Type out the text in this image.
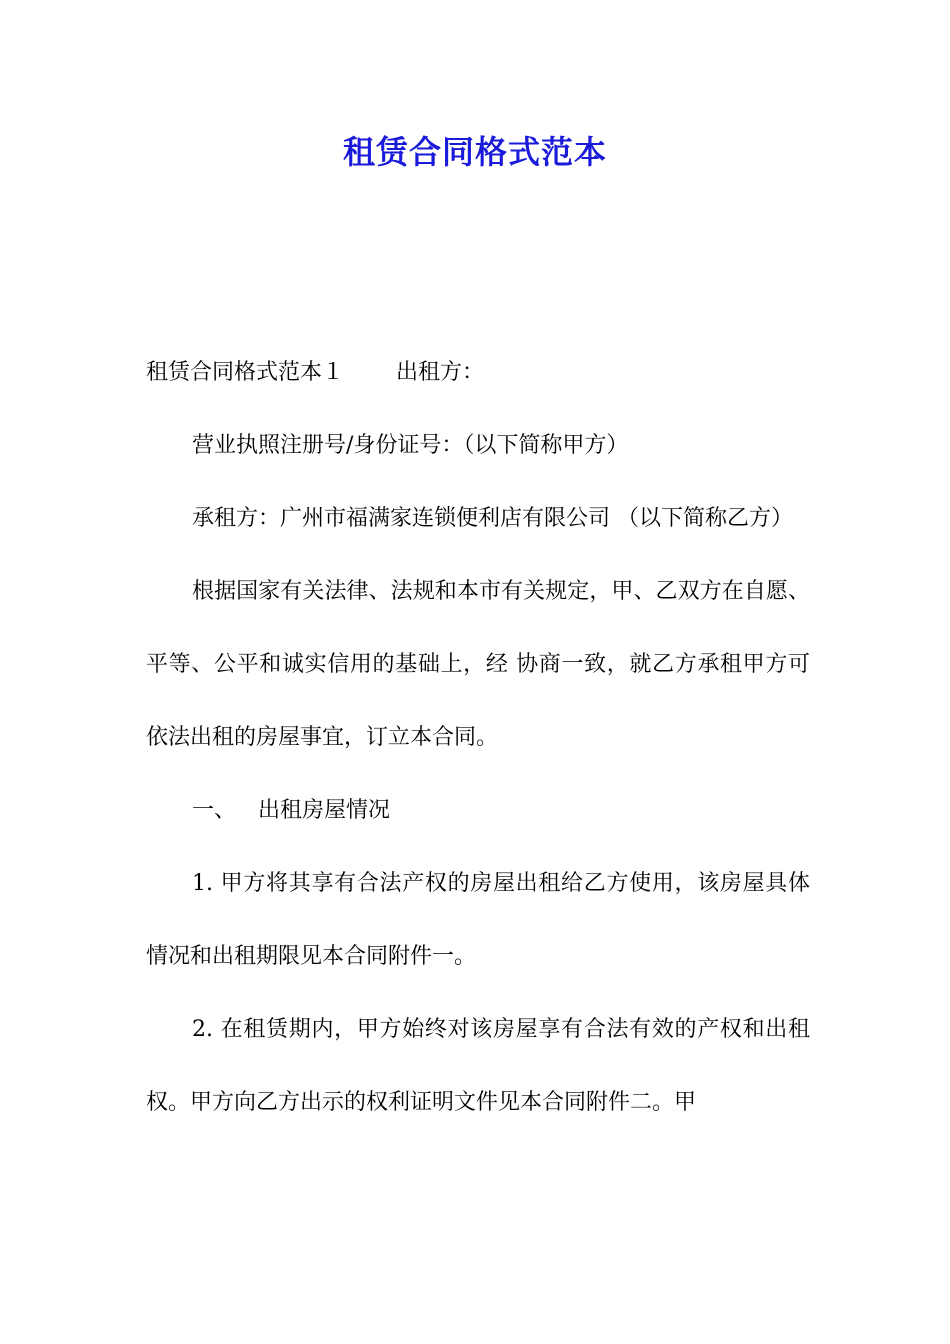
租赁合同格式范本

租赁合同格式范本１ 出租方：

营业执照注册号/身份证号：（以下简称甲方）

承租方：广州市福满家连锁便利店有限公司 （以下简称乙方）

根据国家有关法律、法规和本市有关规定，甲、乙双方在自愿、平等、公平和诚实信用的基础上，经 协商一致，就乙方承租甲方可依法出租的房屋事宜，订立本合同。

一、 出租房屋情况

1. 甲方将其享有合法产权的房屋出租给乙方使用，该房屋具体情况和出租期限见本合同附件一。

2. 在租赁期内，甲方始终对该房屋享有合法有效的产权和出租权。甲方向乙方出示的权利证明文件见本合同附件二。甲
